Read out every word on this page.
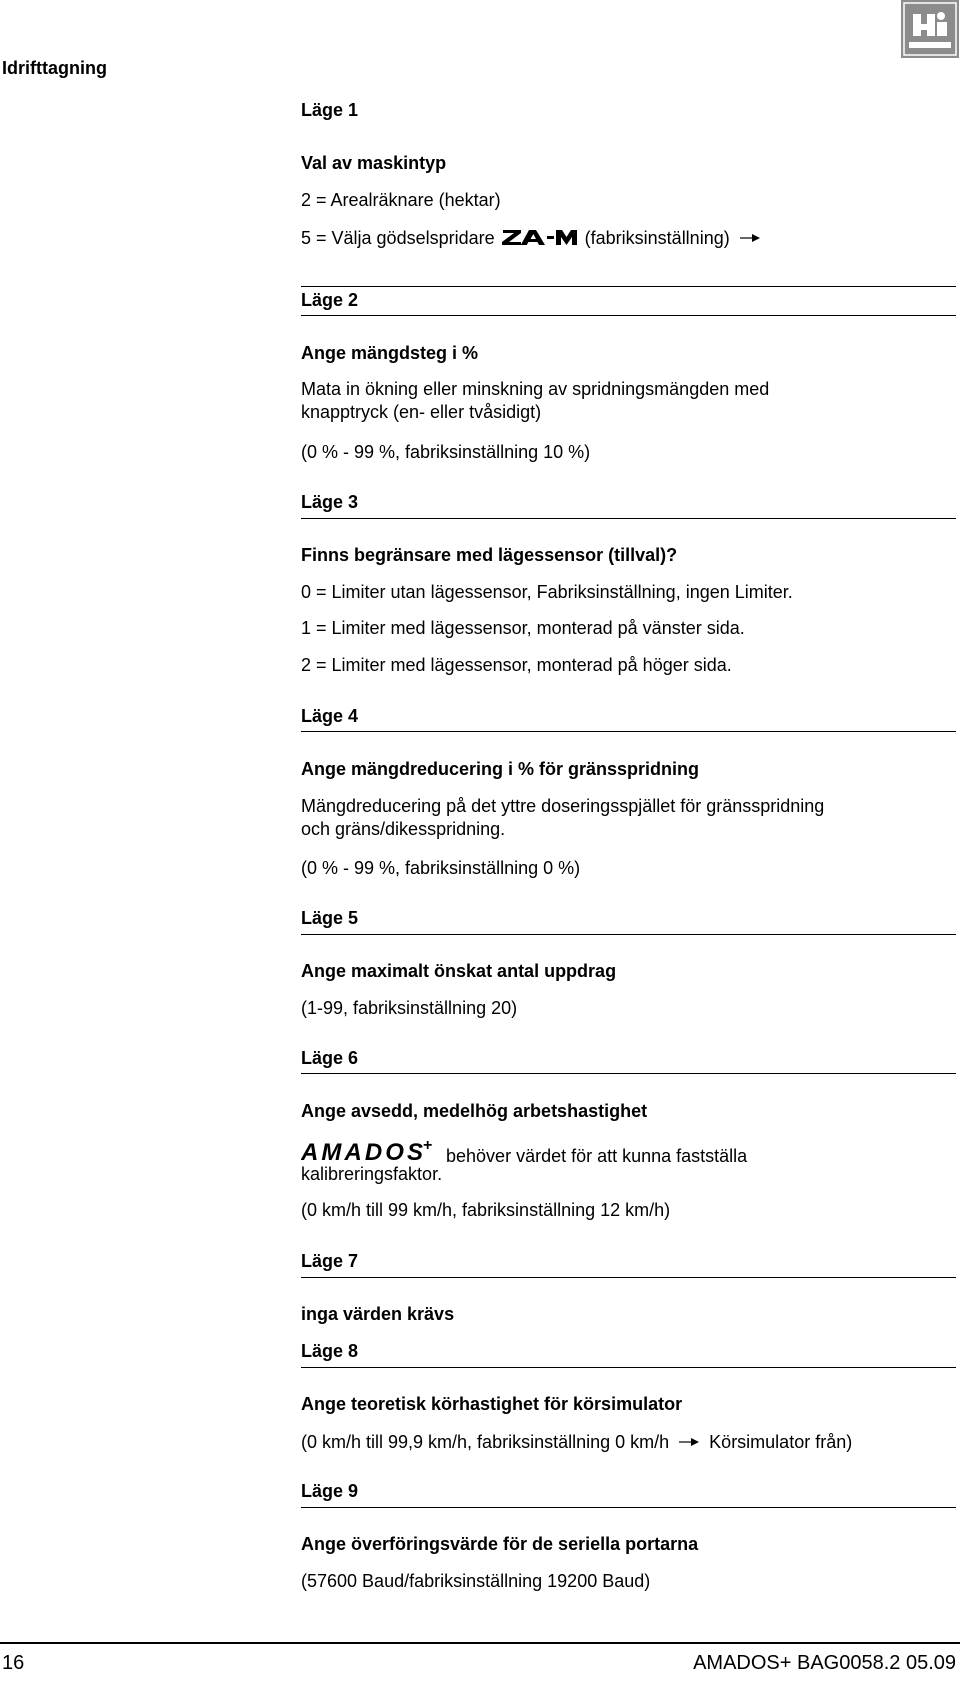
Idrifttagning
Läge 1
Val av maskintyp
2 = Arealräknare (hektar)
5 = Välja gödselspridare	(fabriksinställning)
Läge 2
Ange mängdsteg i %
Mata in ökning eller minskning av spridningsmängden med
knapptryck (en- eller tvåsidigt)
(0 % - 99 %, fabriksinställning 10 %)
Läge 3
Finns begränsare med lägessensor (tillval)?
0 = Limiter utan lägessensor, Fabriksinställning, ingen Limiter.
1 = Limiter med lägessensor, monterad på vänster sida.
2 = Limiter med lägessensor, monterad på höger sida.
Läge 4
Ange mängdreducering i % för gränsspridning
Mängdreducering på det yttre doseringsspjället för gränsspridning
och gräns/dikesspridning.
(0 % - 99 %, fabriksinställning 0 %)
Läge 5
Ange maximalt önskat antal uppdrag
(1-99, fabriksinställning 20)
Läge 6
Ange avsedd, medelhög arbetshastighet
AMADOS +
behöver värdet för att kunna fastställa
kalibreringsfaktor.
(0 km/h till 99 km/h, fabriksinställning 12 km/h)
Läge 7
inga värden krävs
Läge 8
Ange teoretisk körhastighet för körsimulator
(0 km/h till 99,9 km/h, fabriksinställning 0 km/h Körsimulator från)
Läge 9
Ange överföringsvärde för de seriella portarna
(57600 Baud/fabriksinställning 19200 Baud)
16	AMADOS+ BAG0058.2 05.09
